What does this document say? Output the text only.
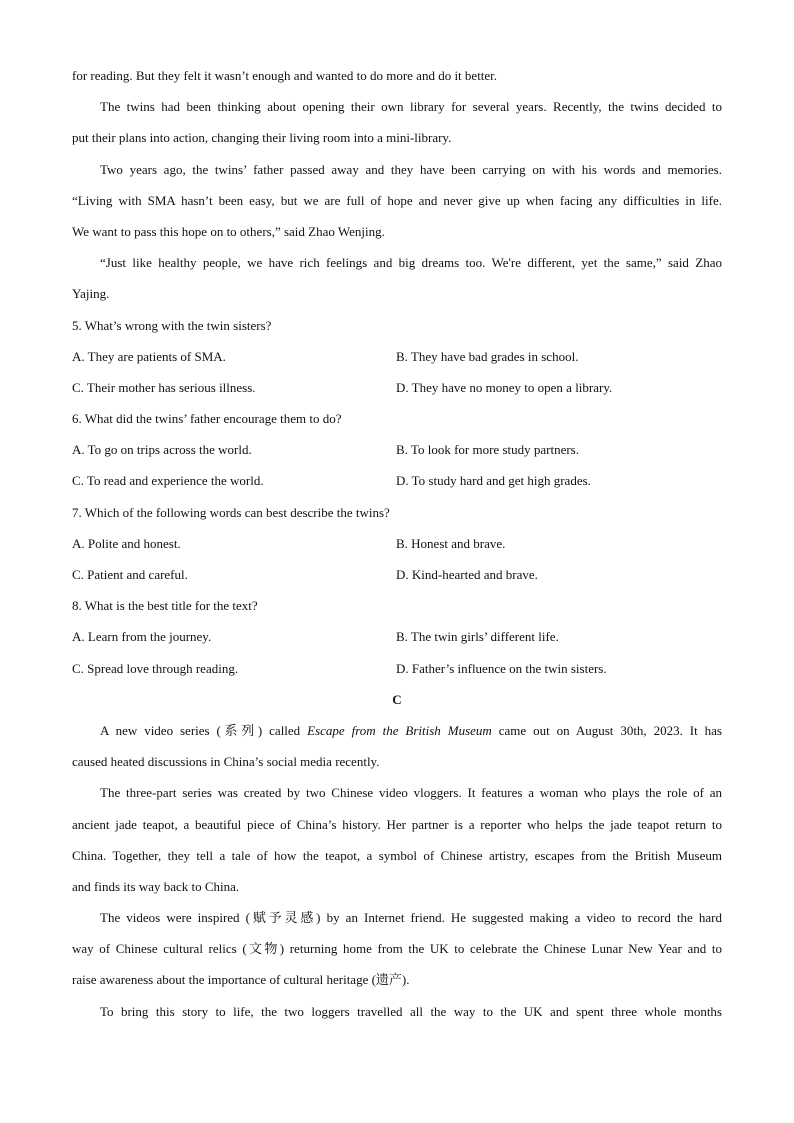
for reading. But they felt it wasn’t enough and wanted to do more and do it better.
The twins had been thinking about opening their own library for several years. Recently, the twins decided to
put their plans into action, changing their living room into a mini-library.
Two years ago, the twins’ father passed away and they have been carrying on with his words and memories.
“Living with SMA hasn’t been easy, but we are full of hope and never give up when facing any difficulties in life.
We want to pass this hope on to others,” said Zhao Wenjing.
“Just like healthy people, we have rich feelings and big dreams too. We're different, yet the same,” said Zhao
Yajing.
5. What’s wrong with the twin sisters?
A. They are patients of SMA.	B. They have bad grades in school.
C. Their mother has serious illness.	D. They have no money to open a library.
6. What did the twins’ father encourage them to do?
A. To go on trips across the world.	B. To look for more study partners.
C. To read and experience the world.	D. To study hard and get high grades.
7. Which of the following words can best describe the twins?
A. Polite and honest.	B. Honest and brave.
C. Patient and careful.	D. Kind-hearted and brave.
8. What is the best title for the text?
A. Learn from the journey.	B. The twin girls’ different life.
C. Spread love through reading.	D. Father’s influence on the twin sisters.
C
A new video series (系列) called Escape from the British Museum came out on August 30th, 2023. It has
caused heated discussions in China’s social media recently.
The three-part series was created by two Chinese video vloggers. It features a woman who plays the role of an
ancient jade teapot, a beautiful piece of China’s history. Her partner is a reporter who helps the jade teapot return to
China. Together, they tell a tale of how the teapot, a symbol of Chinese artistry, escapes from the British Museum
and finds its way back to China.
The videos were inspired (赋予灵感) by an Internet friend. He suggested making a video to record the hard
way of Chinese cultural relics (文物) returning home from the UK to celebrate the Chinese Lunar New Year and to
raise awareness about the importance of cultural heritage (遗产).
To bring this story to life, the two loggers travelled all the way to the UK and spent three whole months
